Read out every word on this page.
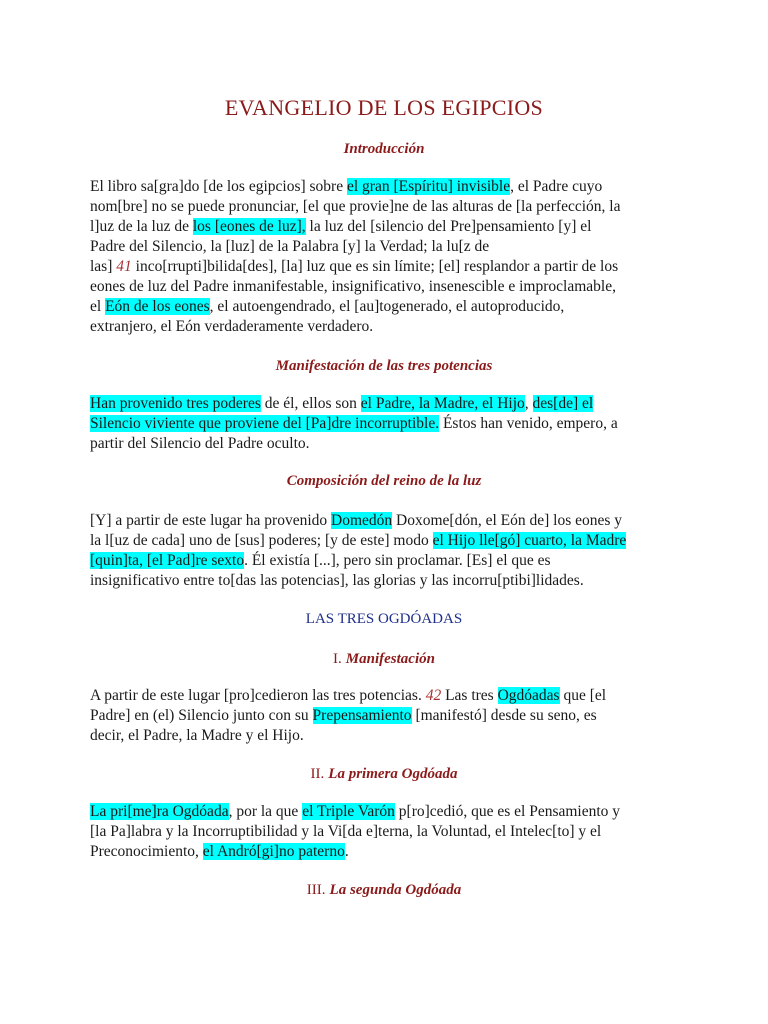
EVANGELIO DE LOS EGIPCIOS
Introducción
El libro sa[gra]do [de los egipcios] sobre el gran [Espíritu] invisible, el Padre cuyo
nom[bre] no se puede pronunciar, [el que provie]ne de las alturas de [la perfección, la
l]uz de la luz de los [eones de luz], la luz del [silencio del Pre]pensamiento [y] el
Padre del Silencio, la [luz] de la Palabra [y] la Verdad; la lu[z de
las] 41 inco[rrupti]bilida[des], [la] luz que es sin límite; [el] resplandor a partir de los
eones de luz del Padre inmanifestable, insignificativo, insenescible e improclamable,
el Eón de los eones, el autoengendrado, el [au]togenerado, el autoproducido,
extranjero, el Eón verdaderamente verdadero.
Manifestación de las tres potencias
Han provenido tres poderes de él, ellos son el Padre, la Madre, el Hijo, des[de] el
Silencio viviente que proviene del [Pa]dre incorruptible. Éstos han venido, empero, a
partir del Silencio del Padre oculto.
Composición del reino de la luz
[Y] a partir de este lugar ha provenido Domedón Doxome[dón, el Eón de] los eones y
la l[uz de cada] uno de [sus] poderes; [y de este] modo el Hijo lle[gó] cuarto, la Madre
[quin]ta, [el Pad]re sexto. Él existía [...], pero sin proclamar. [Es] el que es
insignificativo entre to[das las potencias], las glorias y las incorru[ptibi]lidades.
LAS TRES OGDÓADAS
I. Manifestación
A partir de este lugar [pro]cedieron las tres potencias. 42 Las tres Ogdóadas que [el
Padre] en (el) Silencio junto con su Prepensamiento [manifestó] desde su seno, es
decir, el Padre, la Madre y el Hijo.
II. La primera Ogdóada
La pri[me]ra Ogdóada, por la que el Triple Varón p[ro]cedió, que es el Pensamiento y
[la Pa]labra y la Incorruptibilidad y la Vi[da e]terna, la Voluntad, el Intelec[to] y el
Preconocimiento, el Andró[gi]no paterno.
III. La segunda Ogdóada
